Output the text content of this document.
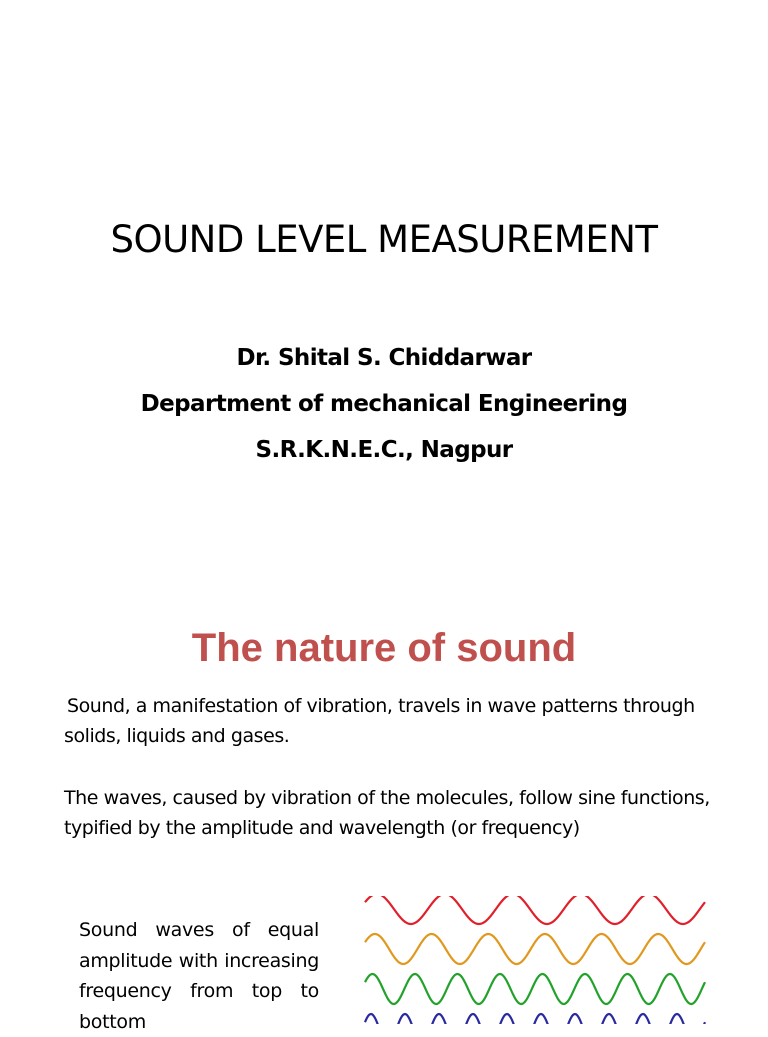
SOUND LEVEL MEASUREMENT
Dr. Shital S. Chiddarwar
Department of mechanical Engineering
S.R.K.N.E.C., Nagpur
The nature of sound
Sound, a manifestation of vibration, travels in wave patterns through solids, liquids and gases.
The waves, caused by vibration of the molecules, follow sine functions, typified by the amplitude and wavelength (or frequency)
Sound waves of equal amplitude with increasing frequency from top to bottom
